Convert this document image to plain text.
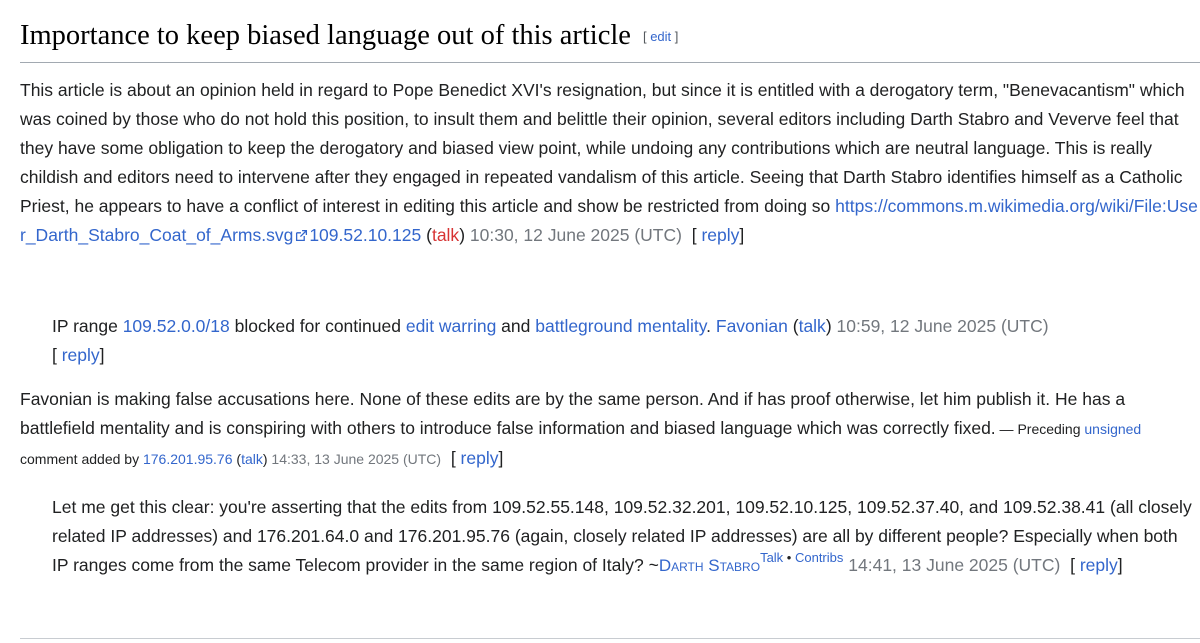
Importance to keep biased language out of this article [ edit ]

This article is about an opinion held in regard to Pope Benedict XVI's resignation, but since it is entitled with a derogatory term, "Benevacantism" which was coined by those who do not hold this position, to insult them and belittle their opinion, several editors including Darth Stabro and Veverve feel that they have some obligation to keep the derogatory and biased view point, while undoing any contributions which are neutral language. This is really childish and editors need to intervene after they engaged in repeated vandalism of this article. Seeing that Darth Stabro identifies himself as a Catholic Priest, he appears to have a conflict of interest in editing this article and show be restricted from doing so https://commons.m.wikimedia.org/wiki/File:User_Darth_Stabro_Coat_of_Arms.svg 109.52.10.125 (talk) 10:30, 12 June 2025 (UTC) [ reply]

IP range 109.52.0.0/18 blocked for continued edit warring and battleground mentality. Favonian (talk) 10:59, 12 June 2025 (UTC)
[ reply]

Favonian is making false accusations here. None of these edits are by the same person. And if has proof otherwise, let him publish it. He has a battlefield mentality and is conspiring with others to introduce false information and biased language which was correctly fixed. — Preceding unsigned comment added by 176.201.95.76 (talk) 14:33, 13 June 2025 (UTC) [ reply]

Let me get this clear: you're asserting that the edits from 109.52.55.148, 109.52.32.201, 109.52.10.125, 109.52.37.40, and 109.52.38.41 (all closely related IP addresses) and 176.201.64.0 and 176.201.95.76 (again, closely related IP addresses) are all by different people? Especially when both IP ranges come from the same Telecom provider in the same region of Italy? ~Darth Stabro$^{Talk • Contribs}$ 14:41, 13 June 2025 (UTC) [ reply]
